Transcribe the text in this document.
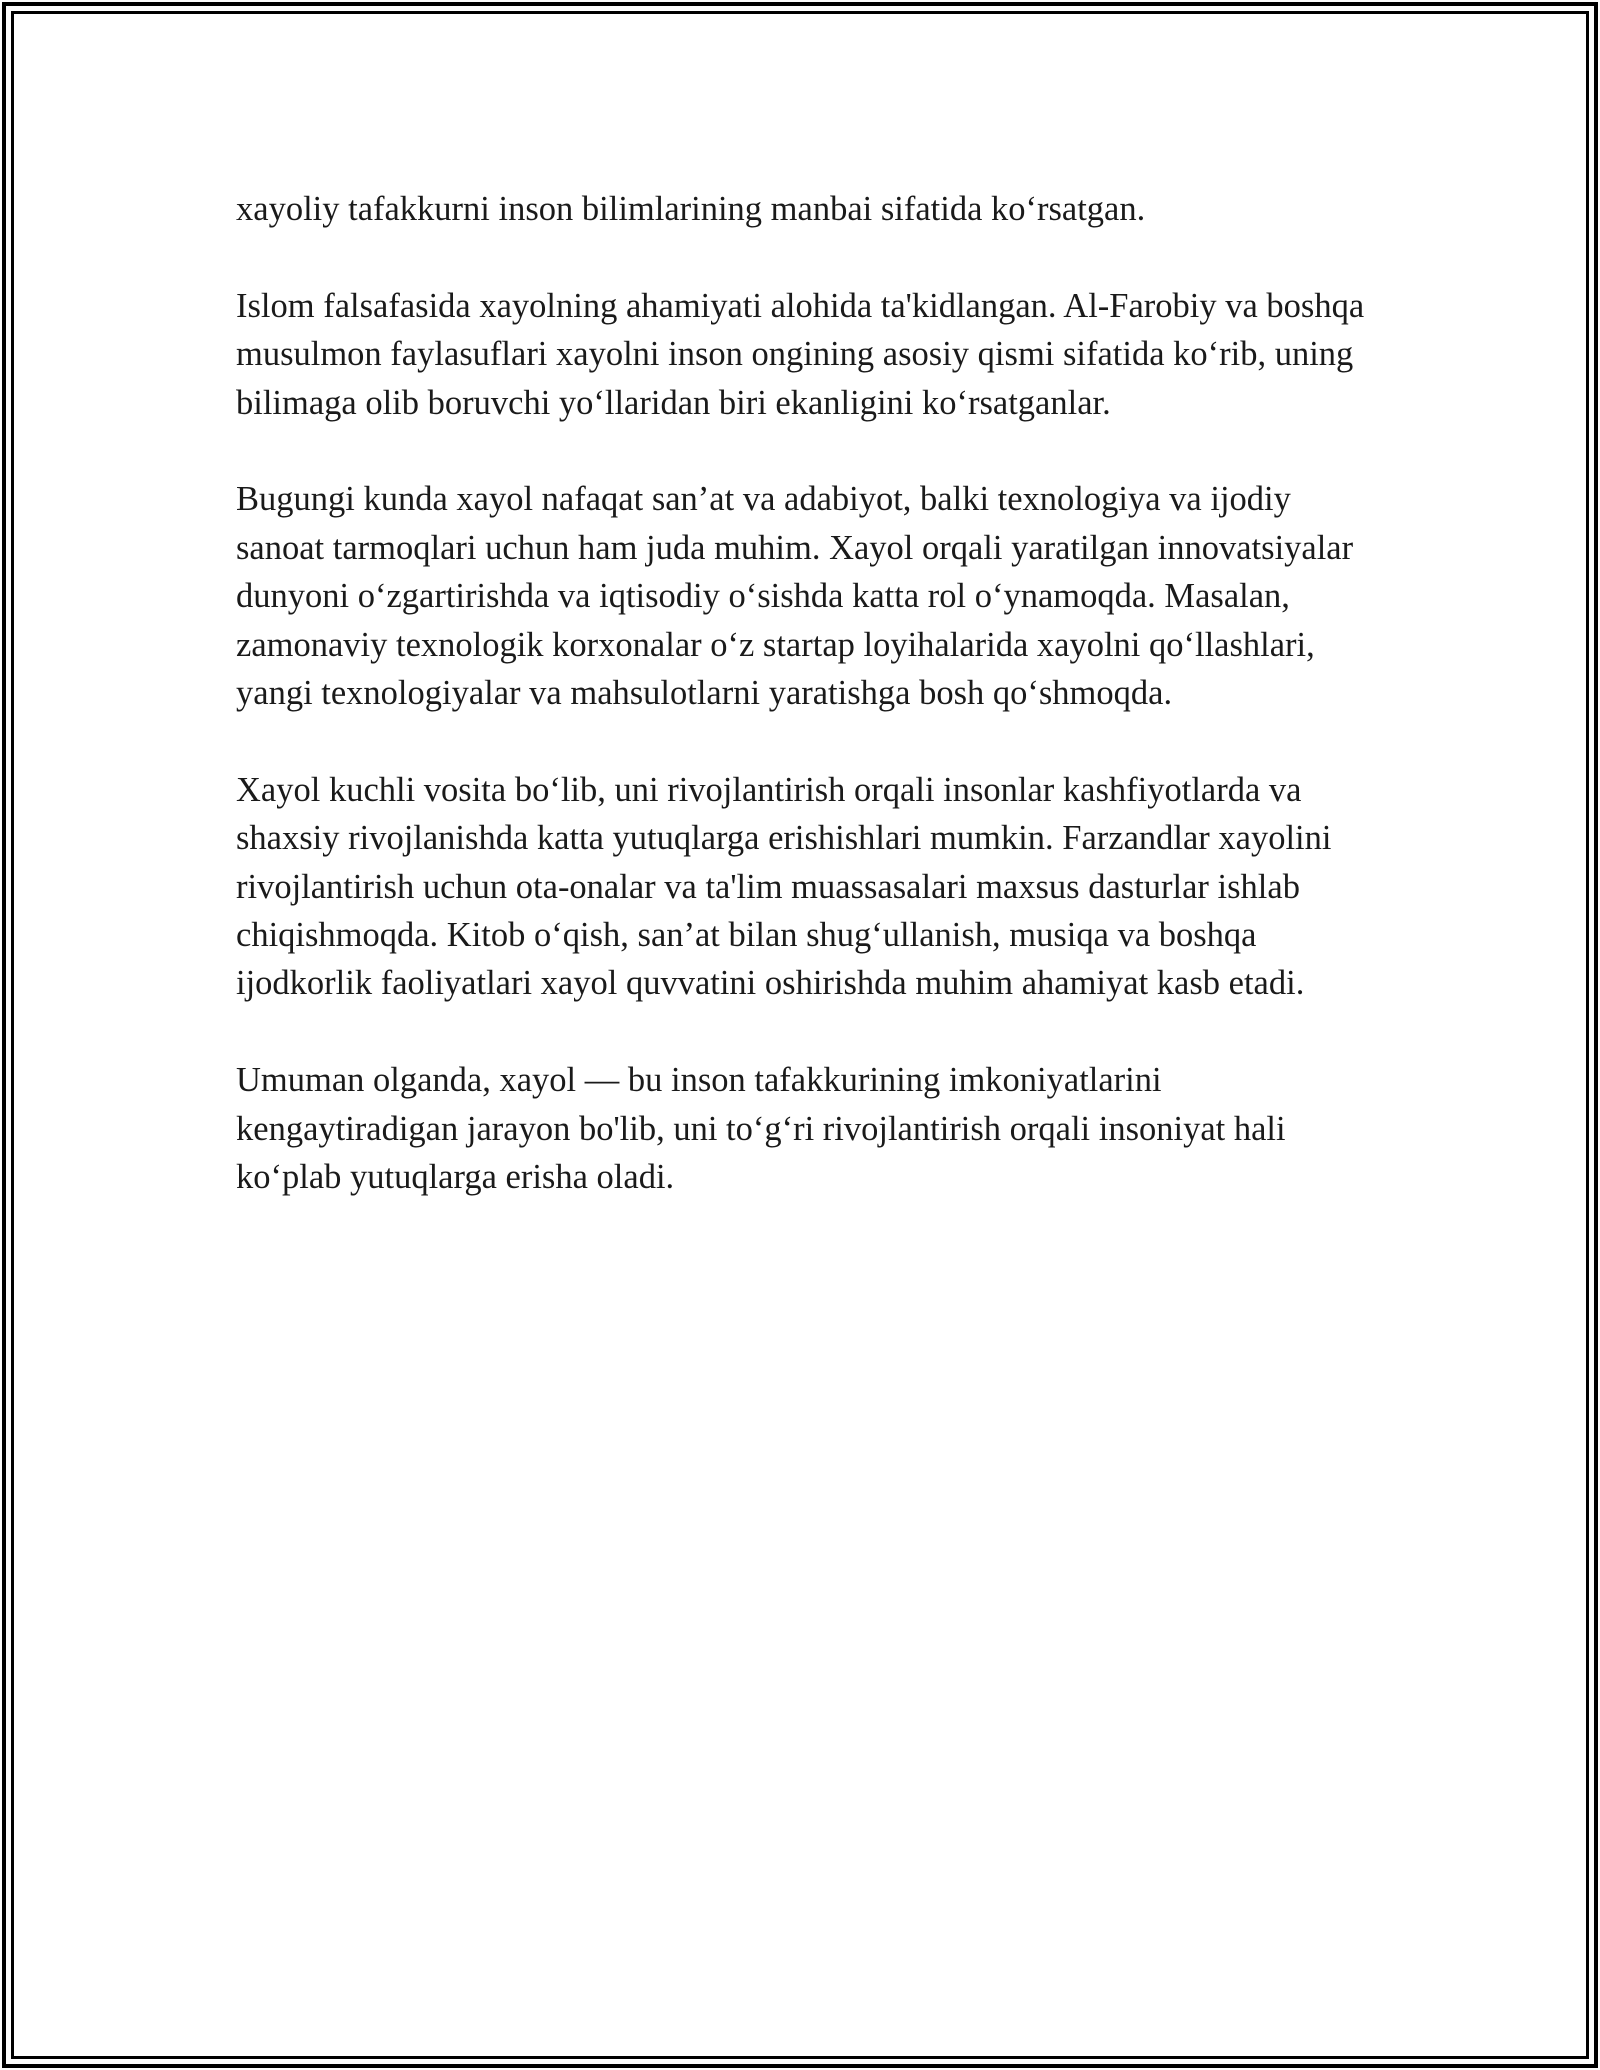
xayoliy tafakkurni inson bilimlarining manbai sifatida ko‘rsatgan.

Islom falsafasida xayolning ahamiyati alohida ta'kidlangan. Al-Farobiy va boshqa musulmon faylasuflari xayolni inson ongining asosiy qismi sifatida ko‘rib, uning bilimaga olib boruvchi yo‘llaridan biri ekanligini ko‘rsatganlar.

Bugungi kunda xayol nafaqat san’at va adabiyot, balki texnologiya va ijodiy sanoat tarmoqlari uchun ham juda muhim. Xayol orqali yaratilgan innovatsiyalar dunyoni o‘zgartirishda va iqtisodiy o‘sishda katta rol o‘ynamoqda. Masalan, zamonaviy texnologik korxonalar o‘z startap loyihalarida xayolni qo‘llashlari, yangi texnologiyalar va mahsulotlarni yaratishga bosh qo‘shmoqda.

Xayol kuchli vosita bo‘lib, uni rivojlantirish orqali insonlar kashfiyotlarda va shaxsiy rivojlanishda katta yutuqlarga erishishlari mumkin. Farzandlar xayolini rivojlantirish uchun ota-onalar va ta'lim muassasalari maxsus dasturlar ishlab chiqishmoqda. Kitob o‘qish, san’at bilan shug‘ullanish, musiqa va boshqa ijodkorlik faoliyatlari xayol quvvatini oshirishda muhim ahamiyat kasb etadi.

Umuman olganda, xayol — bu inson tafakkurining imkoniyatlarini kengaytiradigan jarayon bo'lib, uni to‘g‘ri rivojlantirish orqali insoniyat hali ko‘plab yutuqlarga erisha oladi.
